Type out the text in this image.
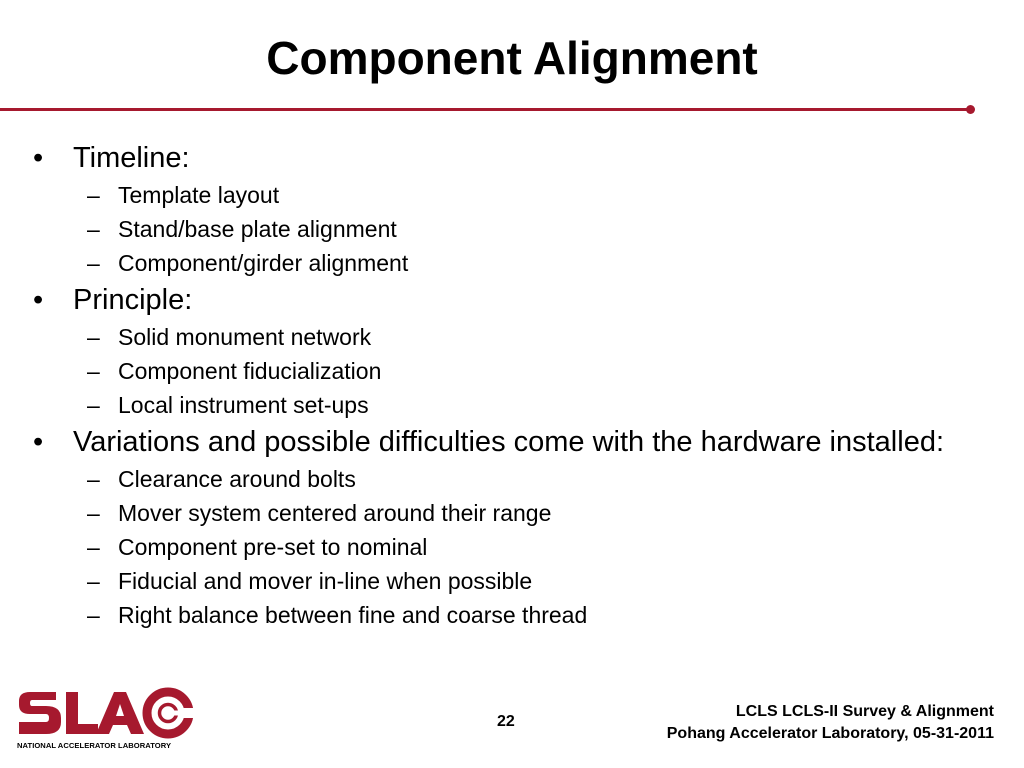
Component Alignment
• Timeline:
– Template layout
– Stand/base plate alignment
– Component/girder alignment
• Principle:
– Solid monument network
– Component fiducialization
– Local instrument set-ups
• Variations and possible difficulties come with the hardware installed:
– Clearance around bolts
– Mover system centered around their range
– Component pre-set to nominal
– Fiducial and mover in-line when possible
– Right balance between fine and coarse thread
NATIONAL ACCELERATOR LABORATORY
22
LCLS LCLS-II Survey & Alignment
Pohang Accelerator Laboratory, 05-31-2011
